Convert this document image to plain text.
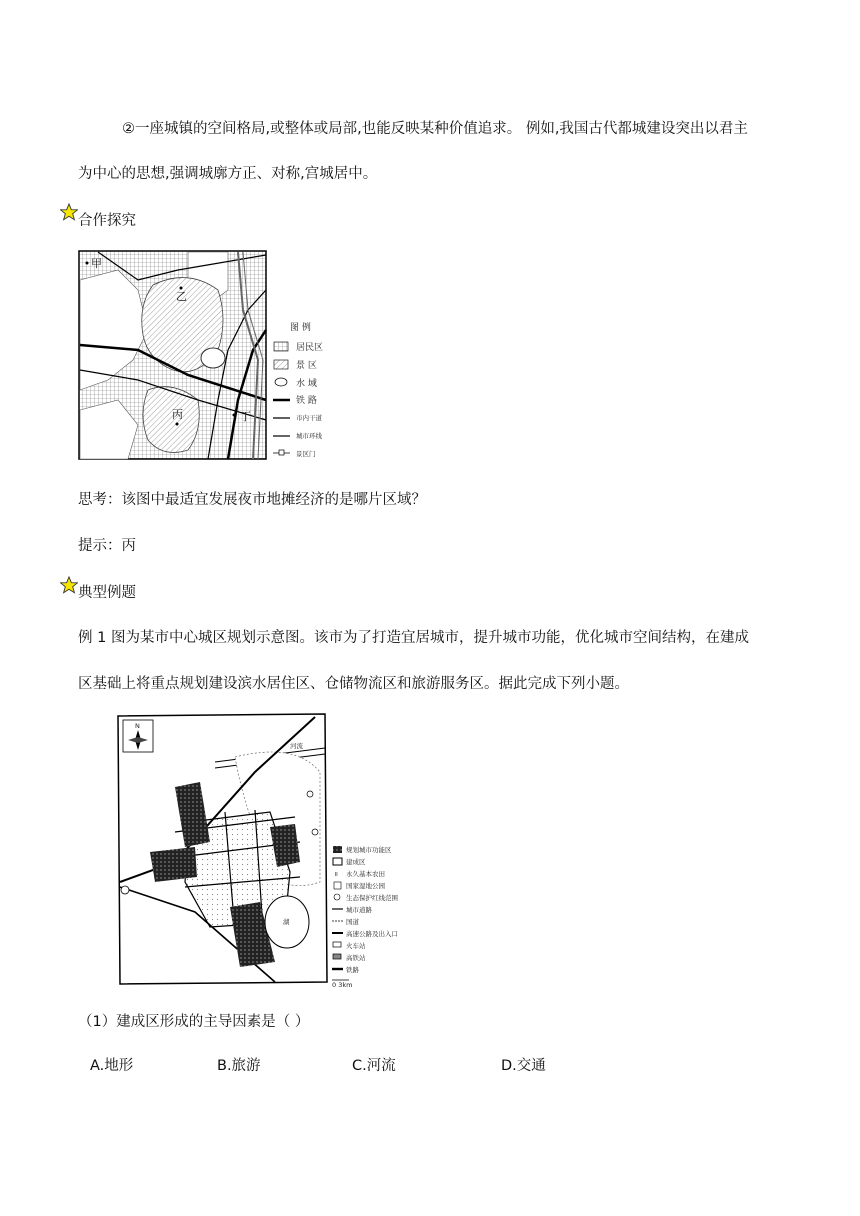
②一座城镇的空间格局,或整体或局部,也能反映某种价值追求。 例如,我国古代都城建设突出以君主
为中心的思想,强调城廓方正、对称,宫城居中。
合作探究
甲
乙
丙	丁
图 例
居民区
景 区
水 域
铁 路
市内干道
城市环线
景区门
思考：该图中最适宜发展夜市地摊经济的是哪片区域？
提示：丙
典型例题
例 1 图为某市中心城区规划示意图。该市为了打造宜居城市，提升城市功能，优化城市空间结构，在建成
区基础上将重点规划建设滨水居住区、仓储物流区和旅游服务区。据此完成下列小题。
N
河流
湖
规划城市功能区
建成区
॥ 永久基本农田
国家湿地公园
生态保护红线范围
城市道路
国道
高速公路及出入口
火车站
高铁站
铁路
0 3km
（1）建成区形成的主导因素是（ ）
A.地形	B.旅游	C.河流	D.交通
